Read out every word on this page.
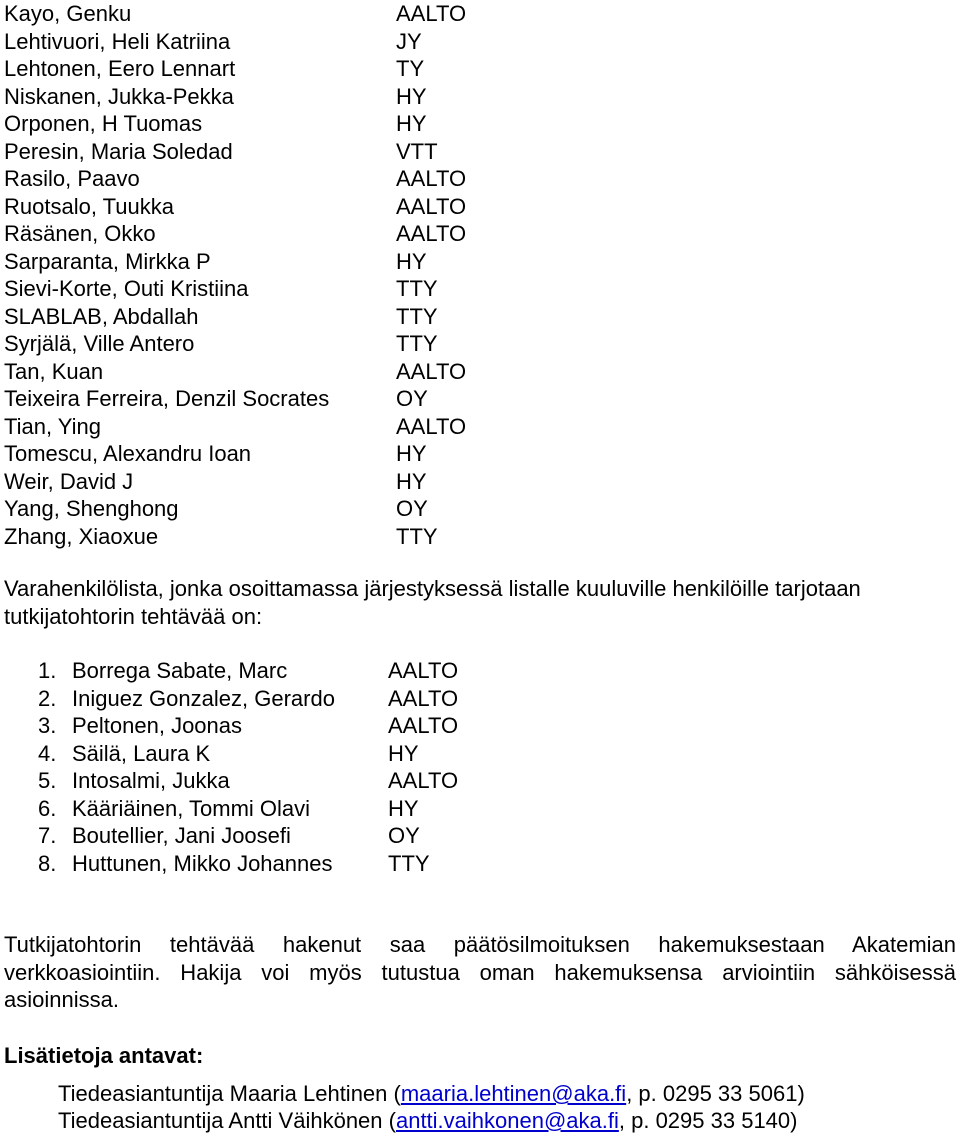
Kayo, Genku	AALTO
Lehtivuori, Heli Katriina	JY
Lehtonen, Eero Lennart	TY
Niskanen, Jukka-Pekka	HY
Orponen, H Tuomas	HY
Peresin, Maria Soledad	VTT
Rasilo, Paavo	AALTO
Ruotsalo, Tuukka	AALTO
Räsänen, Okko	AALTO
Sarparanta, Mirkka P	HY
Sievi-Korte, Outi Kristiina	TTY
SLABLAB, Abdallah	TTY
Syrjälä, Ville Antero	TTY
Tan, Kuan	AALTO
Teixeira Ferreira, Denzil Socrates	OY
Tian, Ying	AALTO
Tomescu, Alexandru Ioan	HY
Weir, David J	HY
Yang, Shenghong	OY
Zhang, Xiaoxue	TTY
Varahenkilölista, jonka osoittamassa järjestyksessä listalle kuuluville henkilöille tarjotaan tutkijatohtorin tehtävää on:
1. Borrega Sabate, Marc	AALTO
2. Iniguez Gonzalez, Gerardo AALTO
3. Peltonen, Joonas	AALTO
4. Säilä, Laura K	HY
5. Intosalmi, Jukka	AALTO
6. Kääriäinen, Tommi Olavi	HY
7. Boutellier, Jani Joosefi	OY
8. Huttunen, Mikko Johannes	TTY
Tutkijatohtorin tehtävää hakenut saa päätösilmoituksen hakemuksestaan Akatemian verkkoasiointiin. Hakija voi myös tutustua oman hakemuksensa arviointiin sähköisessä asioinnissa.
Lisätietoja antavat:
Tiedeasiantuntija Maaria Lehtinen (maaria.lehtinen@aka.fi, p. 0295 33 5061)
Tiedeasiantuntija Antti Väihkönen (antti.vaihkonen@aka.fi, p. 0295 33 5140)
